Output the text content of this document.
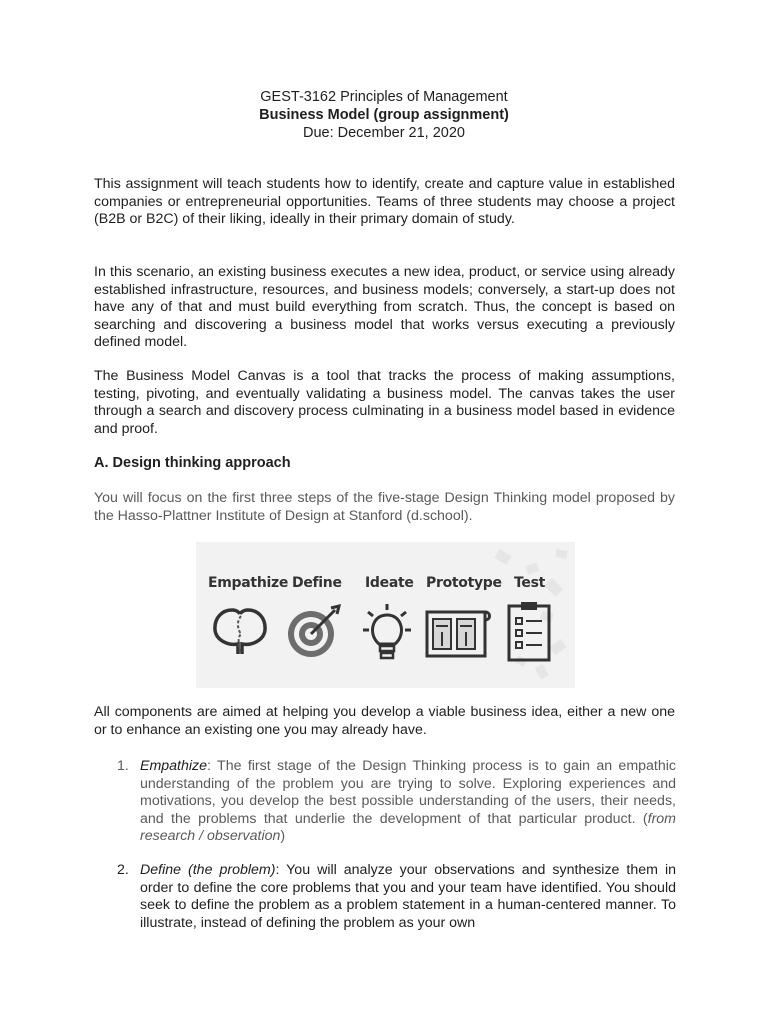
GEST-3162 Principles of Management
Business Model (group assignment)
Due: December 21, 2020

This assignment will teach students how to identify, create and capture value in established companies or entrepreneurial opportunities. Teams of three students may choose a project (B2B or B2C) of their liking, ideally in their primary domain of study.

In this scenario, an existing business executes a new idea, product, or service using already established infrastructure, resources, and business models; conversely, a start-up does not have any of that and must build everything from scratch. Thus, the concept is based on searching and discovering a business model that works versus executing a previously defined model.

The Business Model Canvas is a tool that tracks the process of making assumptions, testing, pivoting, and eventually validating a business model. The canvas takes the user through a search and discovery process culminating in a business model based in evidence and proof.

A. Design thinking approach

You will focus on the first three steps of the five-stage Design Thinking model proposed by the Hasso-Plattner Institute of Design at Stanford (d.school).

Empathize Define Ideate Prototype Test

All components are aimed at helping you develop a viable business idea, either a new one or to enhance an existing one you may already have.

1. Empathize: The first stage of the Design Thinking process is to gain an empathic understanding of the problem you are trying to solve. Exploring experiences and motivations, you develop the best possible understanding of the users, their needs, and the problems that underlie the development of that particular product. (from research / observation)
2. Define (the problem): You will analyze your observations and synthesize them in order to define the core problems that you and your team have identified. You should seek to define the problem as a problem statement in a human-centered manner. To illustrate, instead of defining the problem as your own
